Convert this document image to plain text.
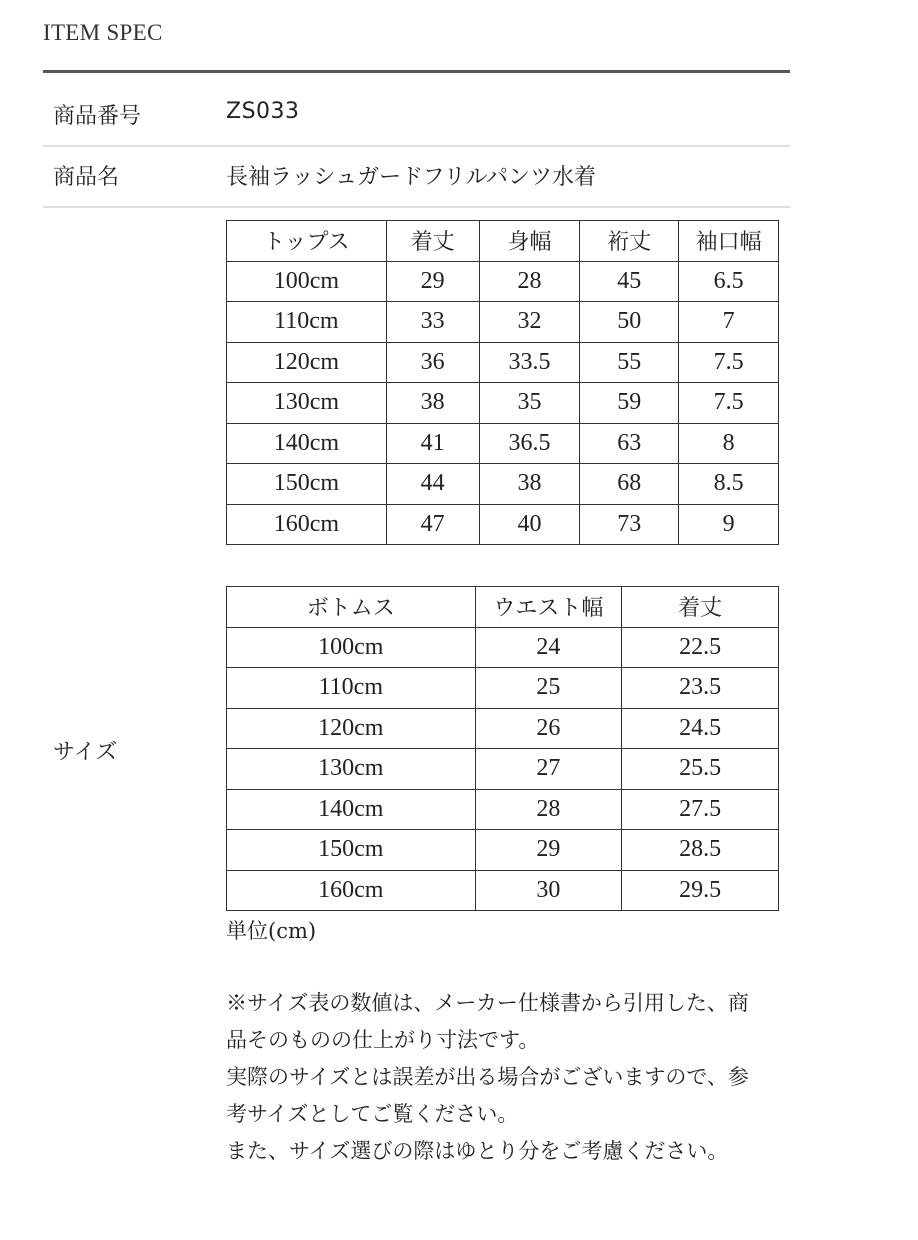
ITEM SPEC
商品番号	ZS033
商品名	長袖ラッシュガードフリルパンツ水着
サイズ
トップス	着丈	身幅	裄丈	袖口幅
100cm	29	28	45	6.5
110cm	33	32	50	7
120cm	36	33.5	55	7.5
130cm	38	35	59	7.5
140cm	41	36.5	63	8
150cm	44	38	68	8.5
160cm	47	40	73	9
ボトムス	ウエスト幅	着丈
100cm	24	22.5
110cm	25	23.5
120cm	26	24.5
130cm	27	25.5
140cm	28	27.5
150cm	29	28.5
160cm	30	29.5
単位(cm)

※サイズ表の数値は、メーカー仕様書から引用した、商品そのものの仕上がり寸法です。

実際のサイズとは誤差が出る場合がございますので、参考サイズとしてご覧ください。

また、サイズ選びの際はゆとり分をご考慮ください。
